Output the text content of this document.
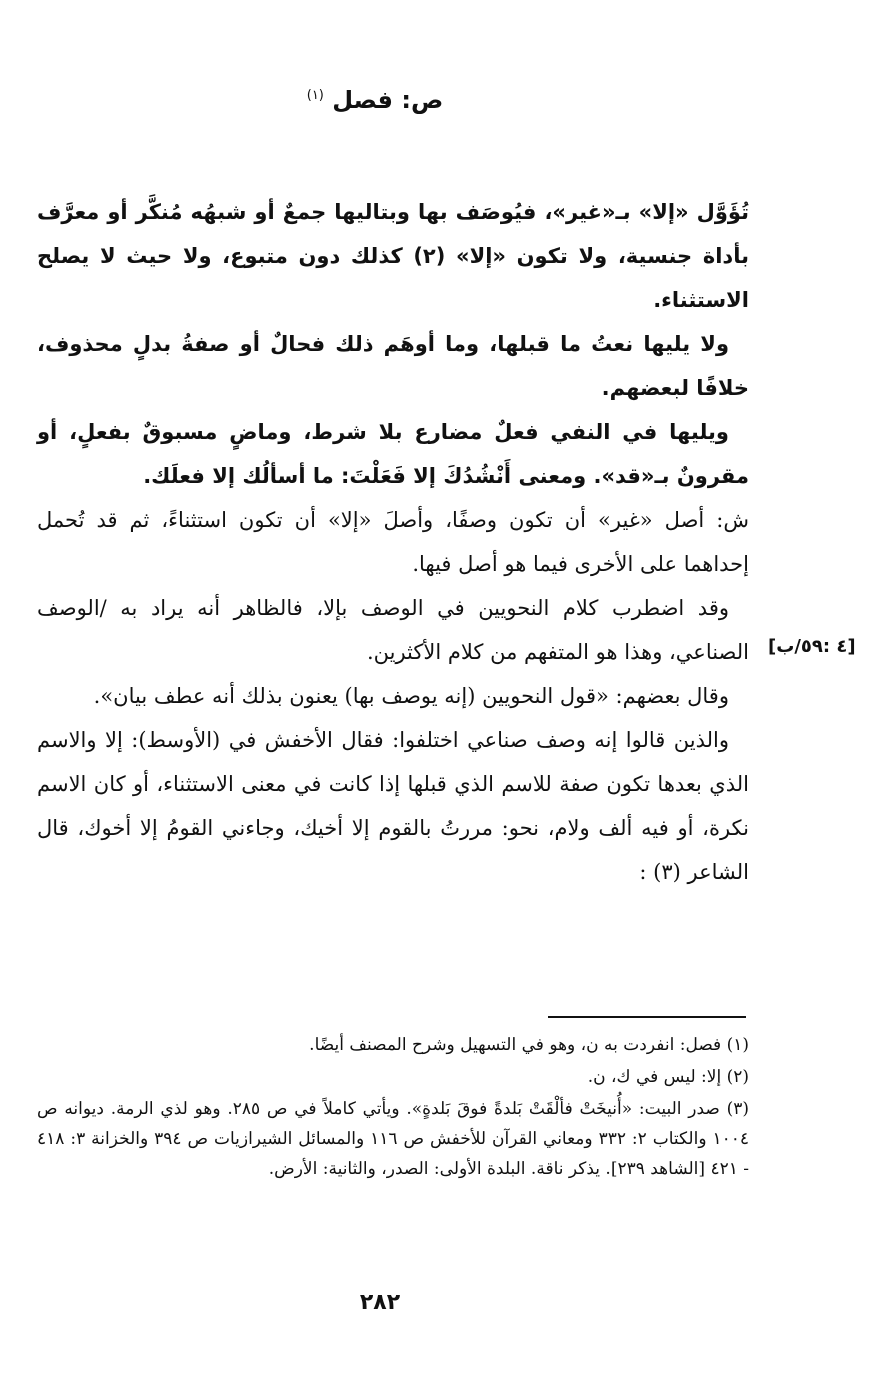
ص: فصل $^{(١)}$

تُؤَوَّل «إلا» بـ«غير»، فيُوصَف بها وبتاليها جمعٌ أو شبهُه مُنكَّر أو معرَّف بأداة جنسية، ولا تكون «إلا» (٢) كذلك دون متبوع، ولا حيث لا يصلح الاستثناء.

ولا يليها نعتُ ما قبلها، وما أوهَم ذلك فحالٌ أو صفةُ بدلٍ محذوف، خلافًا لبعضهم.

ويليها في النفي فعلٌ مضارع بلا شرط، وماضٍ مسبوقٌ بفعلٍ، أو مقرونٌ بـ«قد». ومعنى أَنْشُدُكَ إلا فَعَلْتَ: ما أسألُك إلا فعلَك.

ش: أصل «غير» أن تكون وصفًا، وأصلَ «إلا» أن تكون استثناءً، ثم قد تُحمل إحداهما على الأخرى فيما هو أصل فيها.

وقد اضطرب كلام النحويين في الوصف بإلا، فالظاهر أنه يراد به /الوصف الصناعي، وهذا هو المتفهم من كلام الأكثرين.

وقال بعضهم: «قول النحويين (إنه يوصف بها) يعنون بذلك أنه عطف بيان».

والذين قالوا إنه وصف صناعي اختلفوا: فقال الأخفش في (الأوسط): إلا والاسم الذي بعدها تكون صفة للاسم الذي قبلها إذا كانت في معنى الاستثناء، أو كان الاسم نكرة، أو فيه ألف ولام، نحو: مررتُ بالقوم إلا أخيك، وجاءني القومُ إلا أخوك، قال الشاعر (٣) :

[٤ :٥٩/ب]

(١) فصل: انفردت به ن، وهو في التسهيل وشرح المصنف أيضًا.

(٢) إلا: ليس في ك، ن.

(٣) صدر البيت: «أُنيخَتْ فألْقَتْ بَلدةً فوقَ بَلدةٍ». ويأتي كاملاً في ص ٢٨٥. وهو لذي الرمة. ديوانه ص ١٠٠٤ والكتاب ٢: ٣٣٢ ومعاني القرآن للأخفش ص ١١٦ والمسائل الشيرازيات ص ٣٩٤ والخزانة ٣: ٤١٨ - ٤٢١ [الشاهد ٢٣٩]. يذكر ناقة. البلدة الأولى: الصدر، والثانية: الأرض.

٢٨٢
